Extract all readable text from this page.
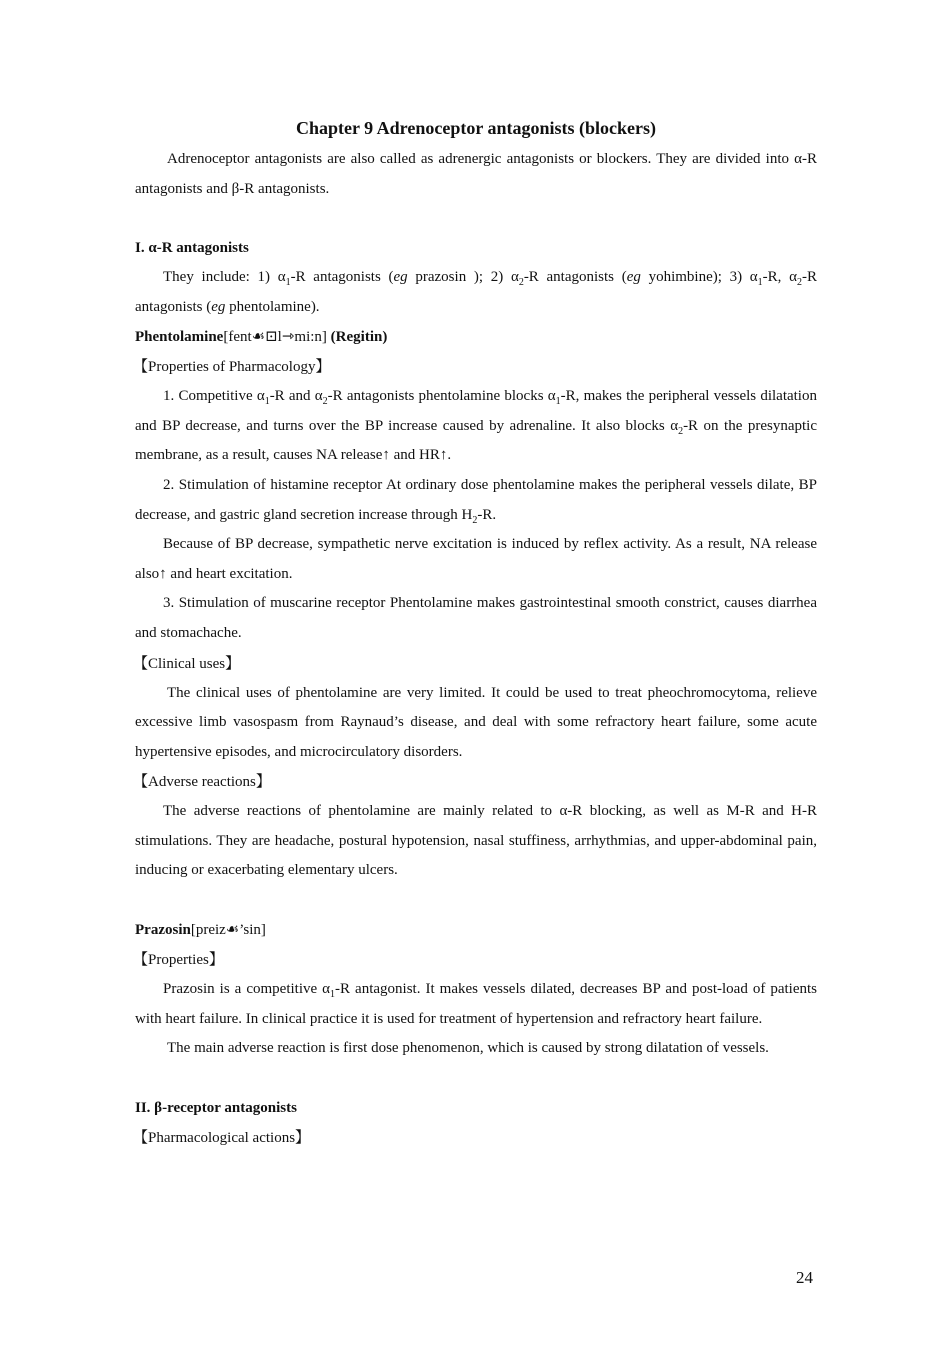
Chapter 9 Adrenoceptor antagonists (blockers)

Adrenoceptor antagonists are also called as adrenergic antagonists or blockers. They are divided into α-R antagonists and β-R antagonists.

I. α-R antagonists

They include: 1) $\alpha_1-R$ antagonists (eg prazosin ); 2) $\alpha_2-R$ antagonists (eg yohimbine); 3) $\alpha_1-R$, $\alpha_2-R$ antagonists (eg phentolamine).

Phentolamine[fent☙⊡l⇾mi:n] (Regitin)

【Properties of Pharmacology】

1. Competitive $\alpha_1-R$ and $\alpha_2-R$ antagonists phentolamine blocks $\alpha_1-R$, makes the peripheral vessels dilatation and BP decrease, and turns over the BP increase caused by adrenaline. It also blocks $\alpha_2-R$ on the presynaptic membrane, as a result, causes NA release↑ and HR↑.

2. Stimulation of histamine receptor At ordinary dose phentolamine makes the peripheral vessels dilate, BP decrease, and gastric gland secretion increase through $H_2-R$.

Because of BP decrease, sympathetic nerve excitation is induced by reflex activity. As a result, NA release also↑ and heart excitation.

3. Stimulation of muscarine receptor Phentolamine makes gastrointestinal smooth constrict, causes diarrhea and stomachache.

【Clinical uses】

The clinical uses of phentolamine are very limited. It could be used to treat pheochromocytoma, relieve excessive limb vasospasm from Raynaud’s disease, and deal with some refractory heart failure, some acute hypertensive episodes, and microcirculatory disorders.

【Adverse reactions】

The adverse reactions of phentolamine are mainly related to α-R blocking, as well as M-R and H-R stimulations. They are headache, postural hypotension, nasal stuffiness, arrhythmias, and upper-abdominal pain, inducing or exacerbating elementary ulcers.

Prazosin[preiz☙’sin]

【Properties】

Prazosin is a competitive $\alpha_1-R$ antagonist. It makes vessels dilated, decreases BP and post-load of patients with heart failure. In clinical practice it is used for treatment of hypertension and refractory heart failure.

The main adverse reaction is first dose phenomenon, which is caused by strong dilatation of vessels.

II. β-receptor antagonists
【Pharmacological actions】
24
